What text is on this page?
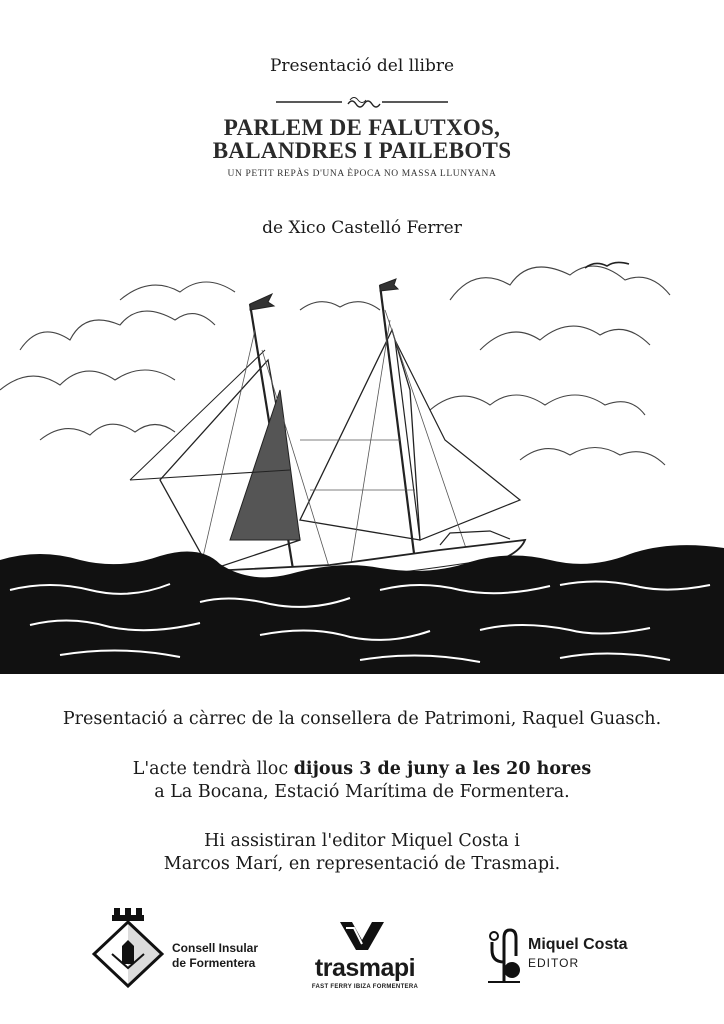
Presentació del llibre
PARLEM DE FALUTXOS,
BALANDRES I PAILEBOTS
UN PETIT REPÀS D'UNA ÈPOCA NO MASSA LLUNYANA
de Xico Castelló Ferrer
Presentació a càrrec de la consellera de Patrimoni, Raquel Guasch.
L'acte tendrà lloc dijous 3 de juny a les 20 hores
a La Bocana, Estació Marítima de Formentera.
Hi assistiran l'editor Miquel Costa i
Marcos Marí, en representació de Trasmapi.
Consell Insular
de Formentera	trasmapi
FAST FERRY IBIZA FORMENTERA
Miquel Costa
EDITOR
